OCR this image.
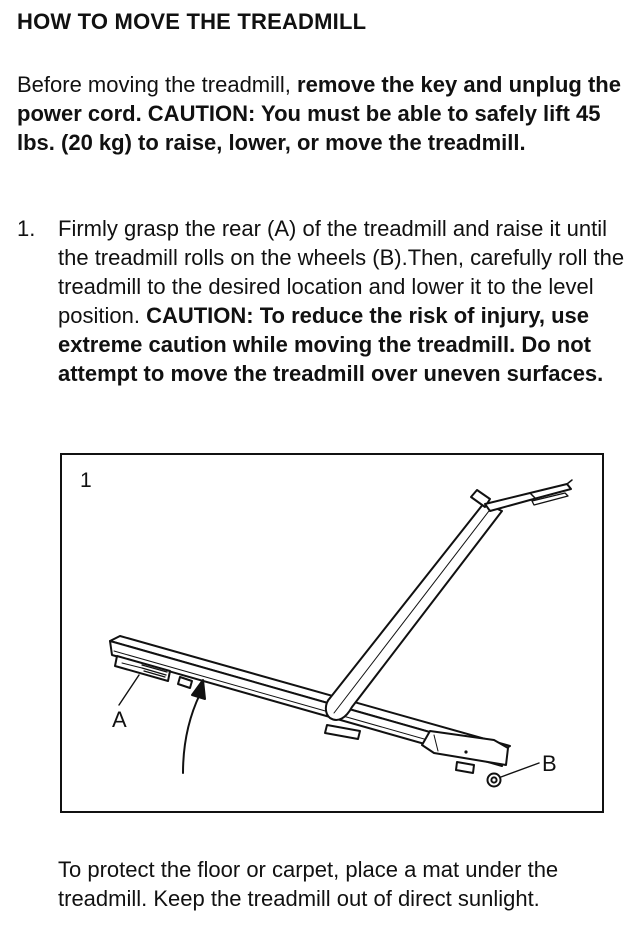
HOW TO MOVE THE TREADMILL

Before moving the treadmill, remove the key and unplug the power cord. CAUTION: You must be able to safely lift 45 lbs. (20 kg) to raise, lower, or move the treadmill.

1. Firmly grasp the rear (A) of the treadmill and raise it until the treadmill rolls on the wheels (B).Then, carefully roll the treadmill to the desired location and lower it to the level position. CAUTION: To reduce the risk of injury, use extreme caution while moving the treadmill. Do not attempt to move the treadmill over uneven surfaces.
1
A
B

To protect the floor or carpet, place a mat under the treadmill. Keep the treadmill out of direct sunlight.
